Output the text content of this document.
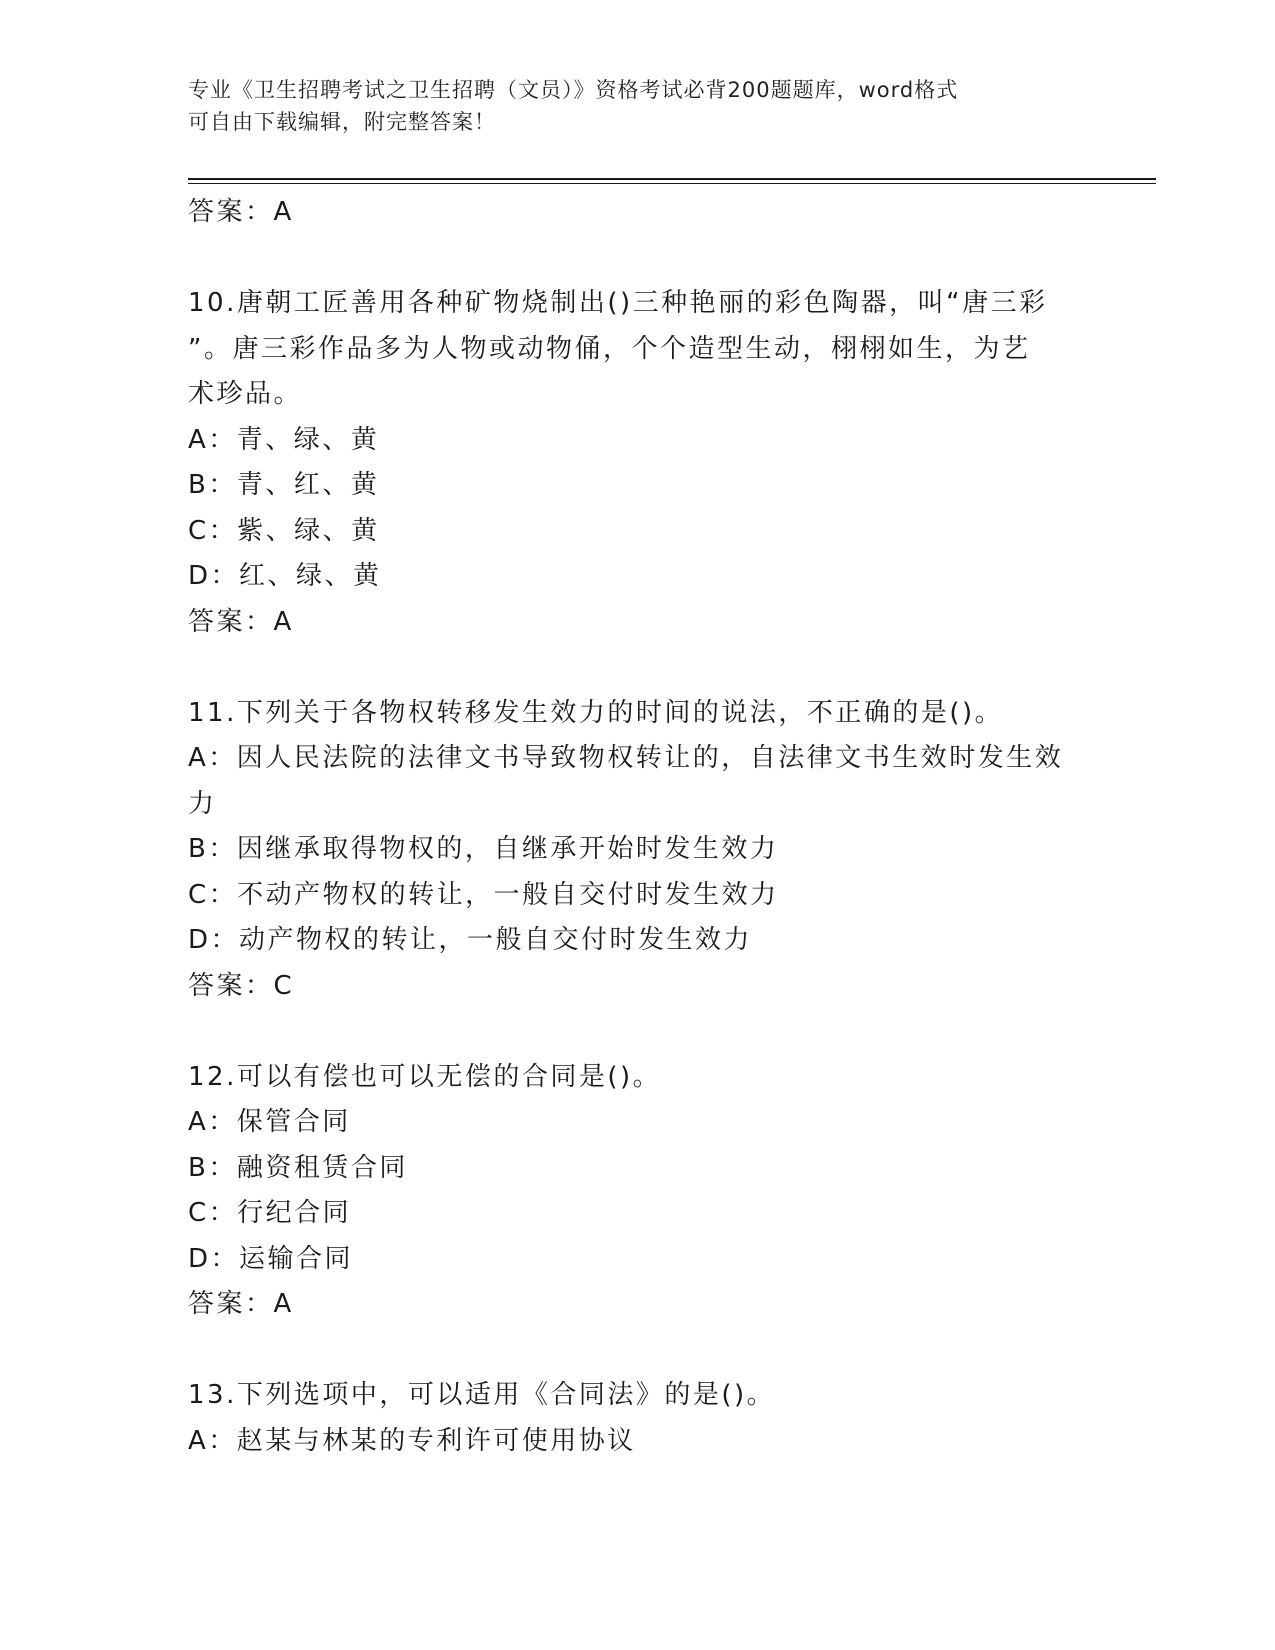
专业《卫生招聘考试之卫生招聘（文员）》资格考试必背200题题库，word格式
可自由下载编辑，附完整答案！
答案：A
10.唐朝工匠善用各种矿物烧制出()三种艳丽的彩色陶器，叫“唐三彩
”。唐三彩作品多为人物或动物俑，个个造型生动，栩栩如生，为艺
术珍品。
A：青、绿、黄
B：青、红、黄
C：紫、绿、黄
D：红、绿、黄
答案：A
11.下列关于各物权转移发生效力的时间的说法，不正确的是()。
A：因人民法院的法律文书导致物权转让的，自法律文书生效时发生效
力
B：因继承取得物权的，自继承开始时发生效力
C：不动产物权的转让，一般自交付时发生效力
D：动产物权的转让，一般自交付时发生效力
答案：C
12.可以有偿也可以无偿的合同是()。
A：保管合同
B：融资租赁合同
C：行纪合同
D：运输合同
答案：A
13.下列选项中，可以适用《合同法》的是()。
A：赵某与林某的专利许可使用协议
